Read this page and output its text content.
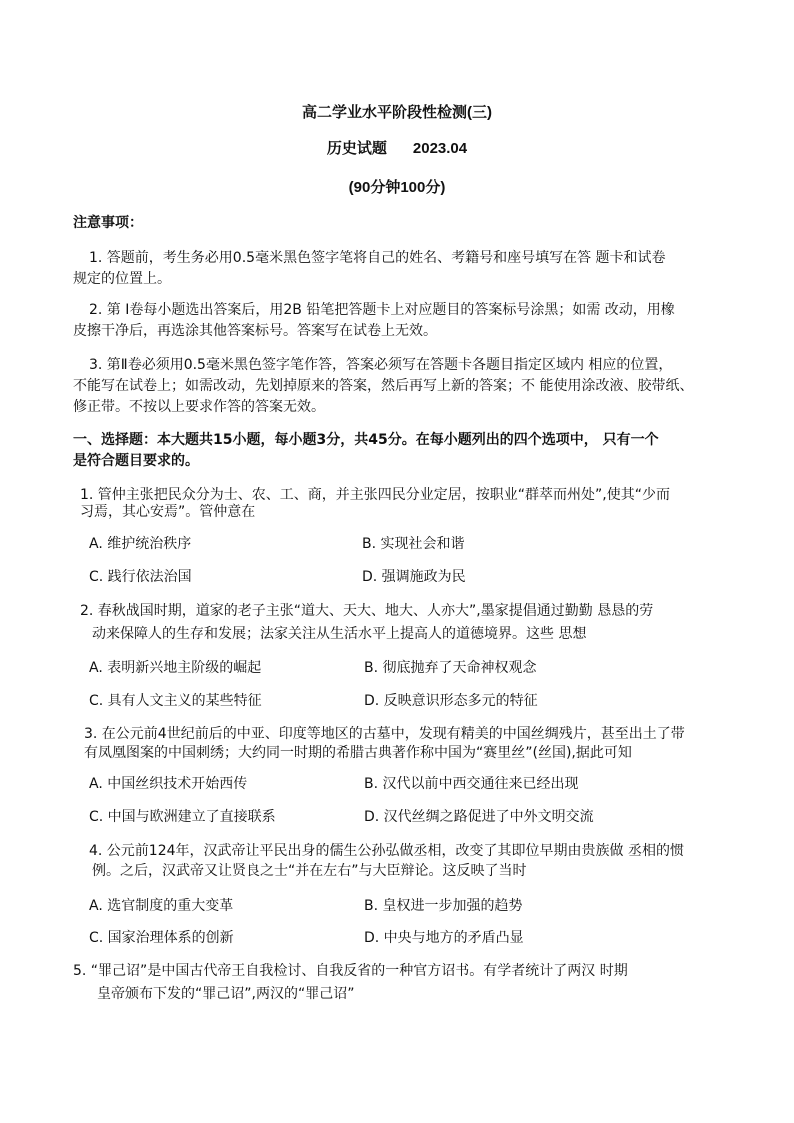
高二学业水平阶段性检测(三)
历史试题 2023.04
(90分钟100分)
注意事项：
1. 答题前，考生务必用0.5毫米黑色签字笔将自己的姓名、考籍号和座号填写在答 题卡和试卷
规定的位置上。
2. 第 I卷每小题选出答案后，用2B 铅笔把答题卡上对应题目的答案标号涂黑；如需 改动，用橡
皮擦干净后，再选涂其他答案标号。答案写在试卷上无效。
3. 第Ⅱ卷必须用0.5毫米黑色签字笔作答，答案必须写在答题卡各题目指定区域内 相应的位置，
不能写在试卷上；如需改动，先划掉原来的答案，然后再写上新的答案；不 能使用涂改液、胶带纸、
修正带。不按以上要求作答的答案无效。
一、选择题：本大题共15小题，每小题3分，共45分。在每小题列出的四个选项中， 只有一个
是符合题目要求的。
1. 管仲主张把民众分为士、农、工、商，并主张四民分业定居，按职业“群萃而州处”,使其“少而
习焉，其心安焉”。管仲意在
A. 维护统治秩序	B. 实现社会和谐
C. 践行依法治国	D. 强调施政为民
2. 春秋战国时期，道家的老子主张“道大、天大、地大、人亦大”,墨家提倡通过勤勤 恳恳的劳
动来保障人的生存和发展；法家关注从生活水平上提高人的道德境界。这些 思想
A. 表明新兴地主阶级的崛起	B. 彻底抛弃了天命神权观念
C. 具有人文主义的某些特征	D. 反映意识形态多元的特征
3. 在公元前4世纪前后的中亚、印度等地区的古墓中，发现有精美的中国丝绸残片，甚至出土了带
有凤凰图案的中国刺绣；大约同一时期的希腊古典著作称中国为“赛里丝”(丝国),据此可知
A. 中国丝织技术开始西传	B. 汉代以前中西交通往来已经出现
C. 中国与欧洲建立了直接联系	D. 汉代丝绸之路促进了中外文明交流
4. 公元前124年，汉武帝让平民出身的儒生公孙弘做丞相，改变了其即位早期由贵族做 丞相的惯
例。之后，汉武帝又让贤良之士“并在左右”与大臣辩论。这反映了当时
A. 选官制度的重大变革	B. 皇权进一步加强的趋势
C. 国家治理体系的创新	D. 中央与地方的矛盾凸显
5. “罪己诏”是中国古代帝王自我检讨、自我反省的一种官方诏书。有学者统计了两汉 时期
皇帝颁布下发的“罪己诏”,两汉的“罪己诏”
